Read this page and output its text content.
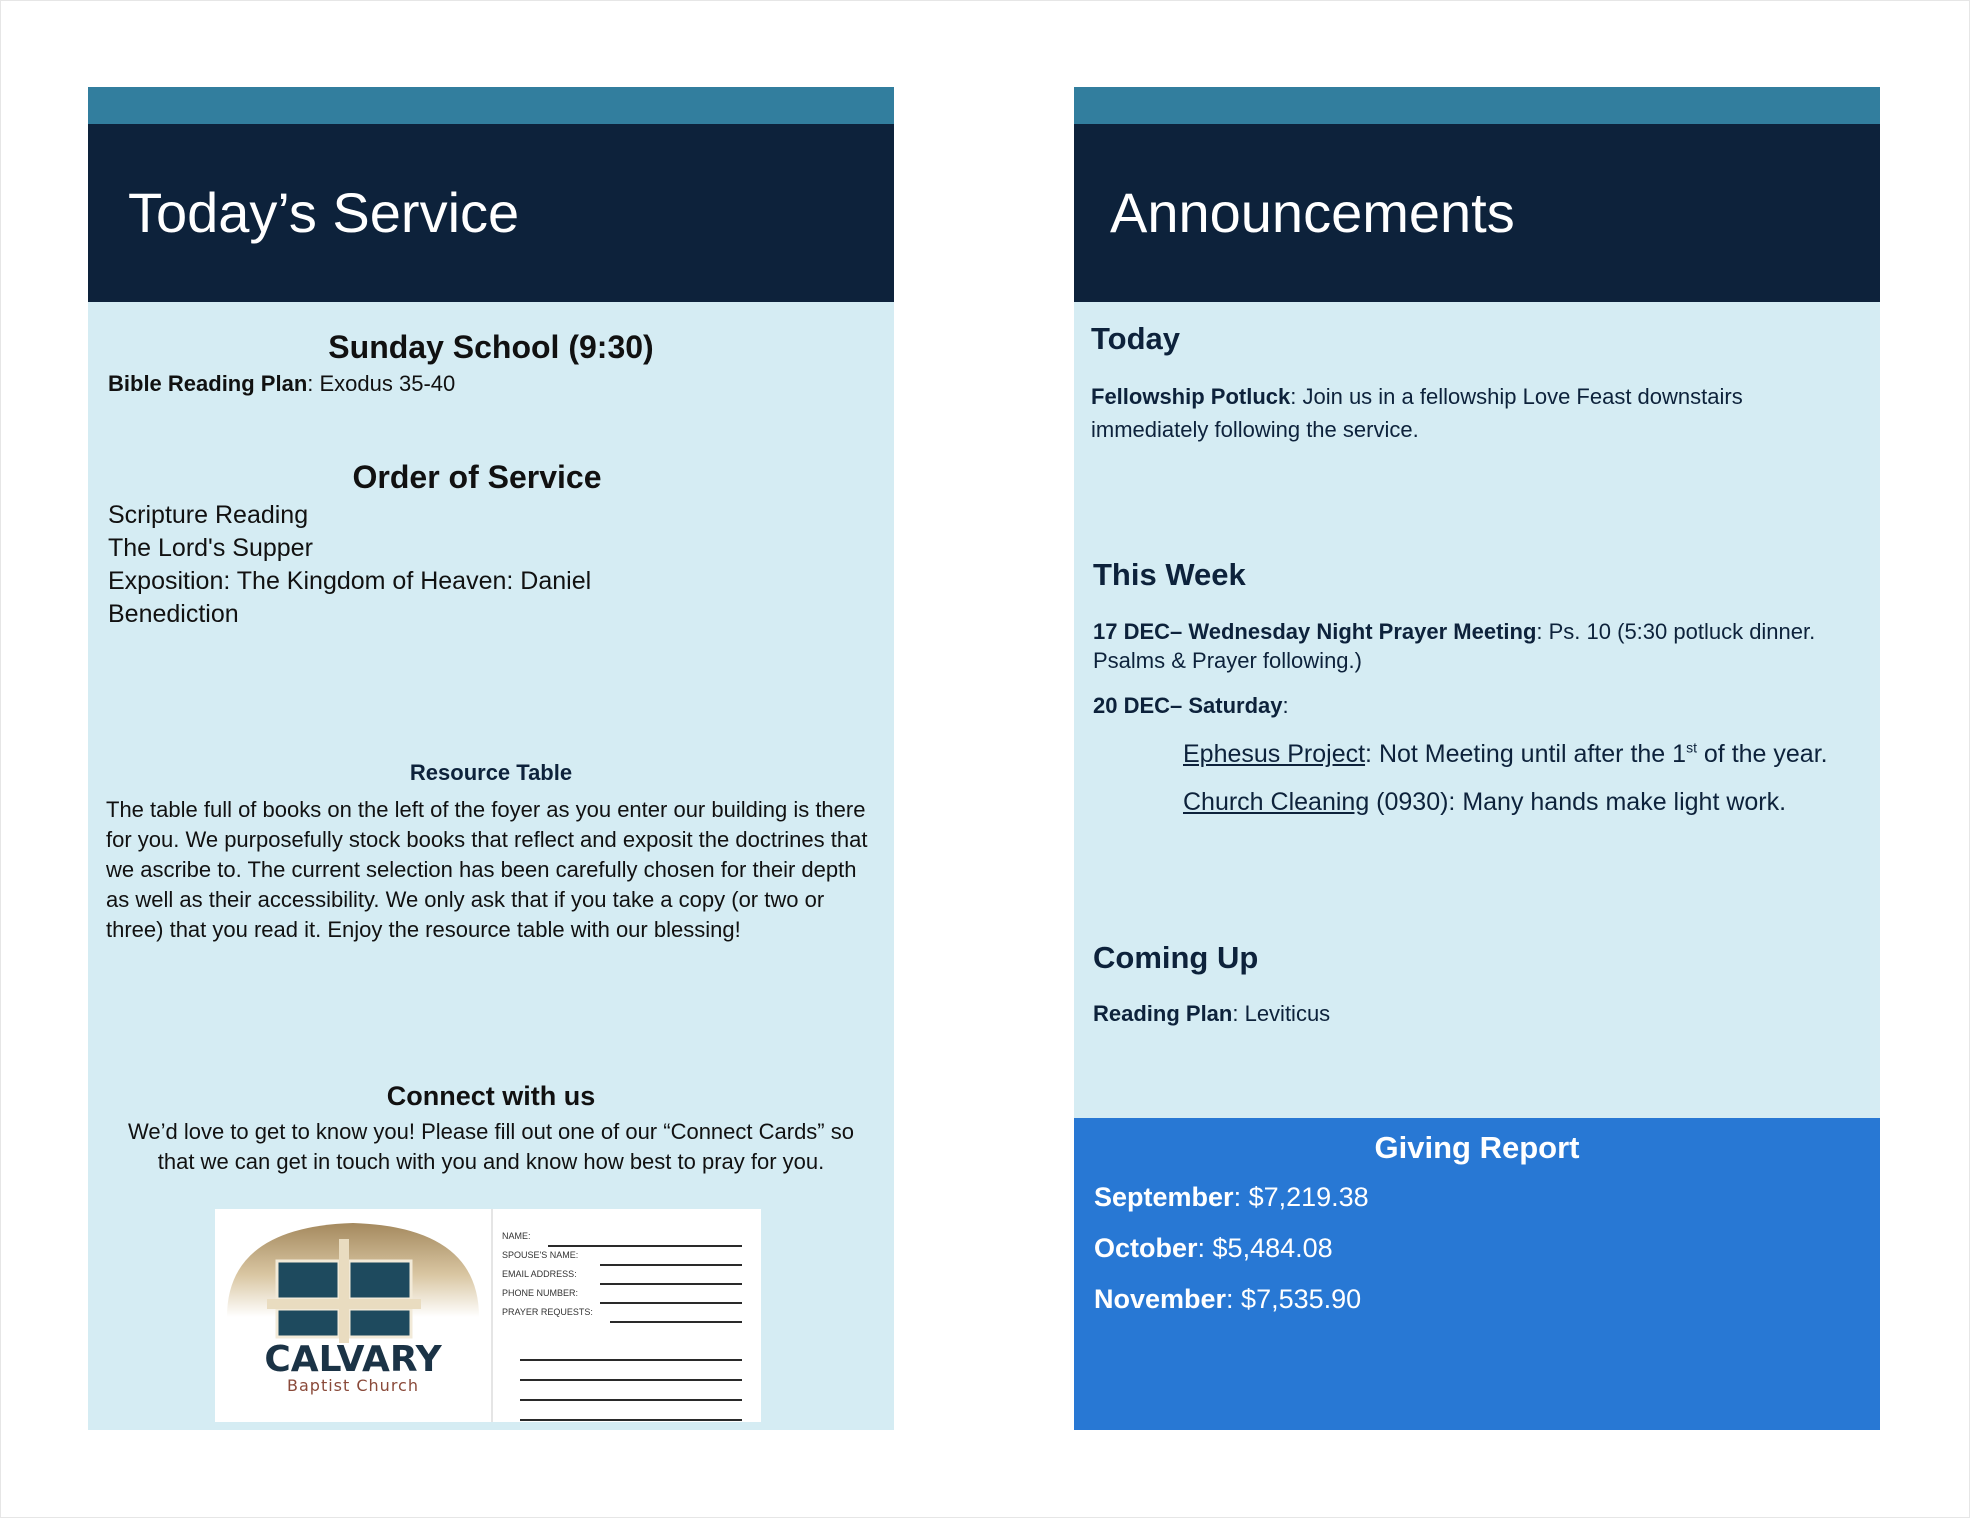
Today’s Service
Sunday School (9:30)
Bible Reading Plan: Exodus 35-40
Order of Service
Scripture Reading
The Lord's Supper
Exposition: The Kingdom of Heaven: Daniel
Benediction
Resource Table
The table full of books on the left of the foyer as you enter our building is there for you. We purposefully stock books that reflect and exposit the doctrines that we ascribe to. The current selection has been carefully chosen for their depth as well as their accessibility. We only ask that if you take a copy (or two or three) that you read it. Enjoy the resource table with our blessing!
Connect with us
We’d love to get to know you! Please fill out one of our “Connect Cards” so that we can get in touch with you and know how best to pray for you.
CALVARY
Baptist Church
NAME:
SPOUSE'S NAME:
EMAIL ADDRESS:
PHONE NUMBER:
PRAYER REQUESTS:
Announcements
Today
Fellowship Potluck: Join us in a fellowship Love Feast downstairs
immediately following the service.
This Week
17 DEC– Wednesday Night Prayer Meeting: Ps. 10 (5:30 potluck dinner.
Psalms & Prayer following.)
20 DEC– Saturday:
Ephesus Project: Not Meeting until after the 1st of the year.
Church Cleaning (0930): Many hands make light work.
Coming Up
Reading Plan: Leviticus
Giving Report
September: $7,219.38
October: $5,484.08
November: $7,535.90
